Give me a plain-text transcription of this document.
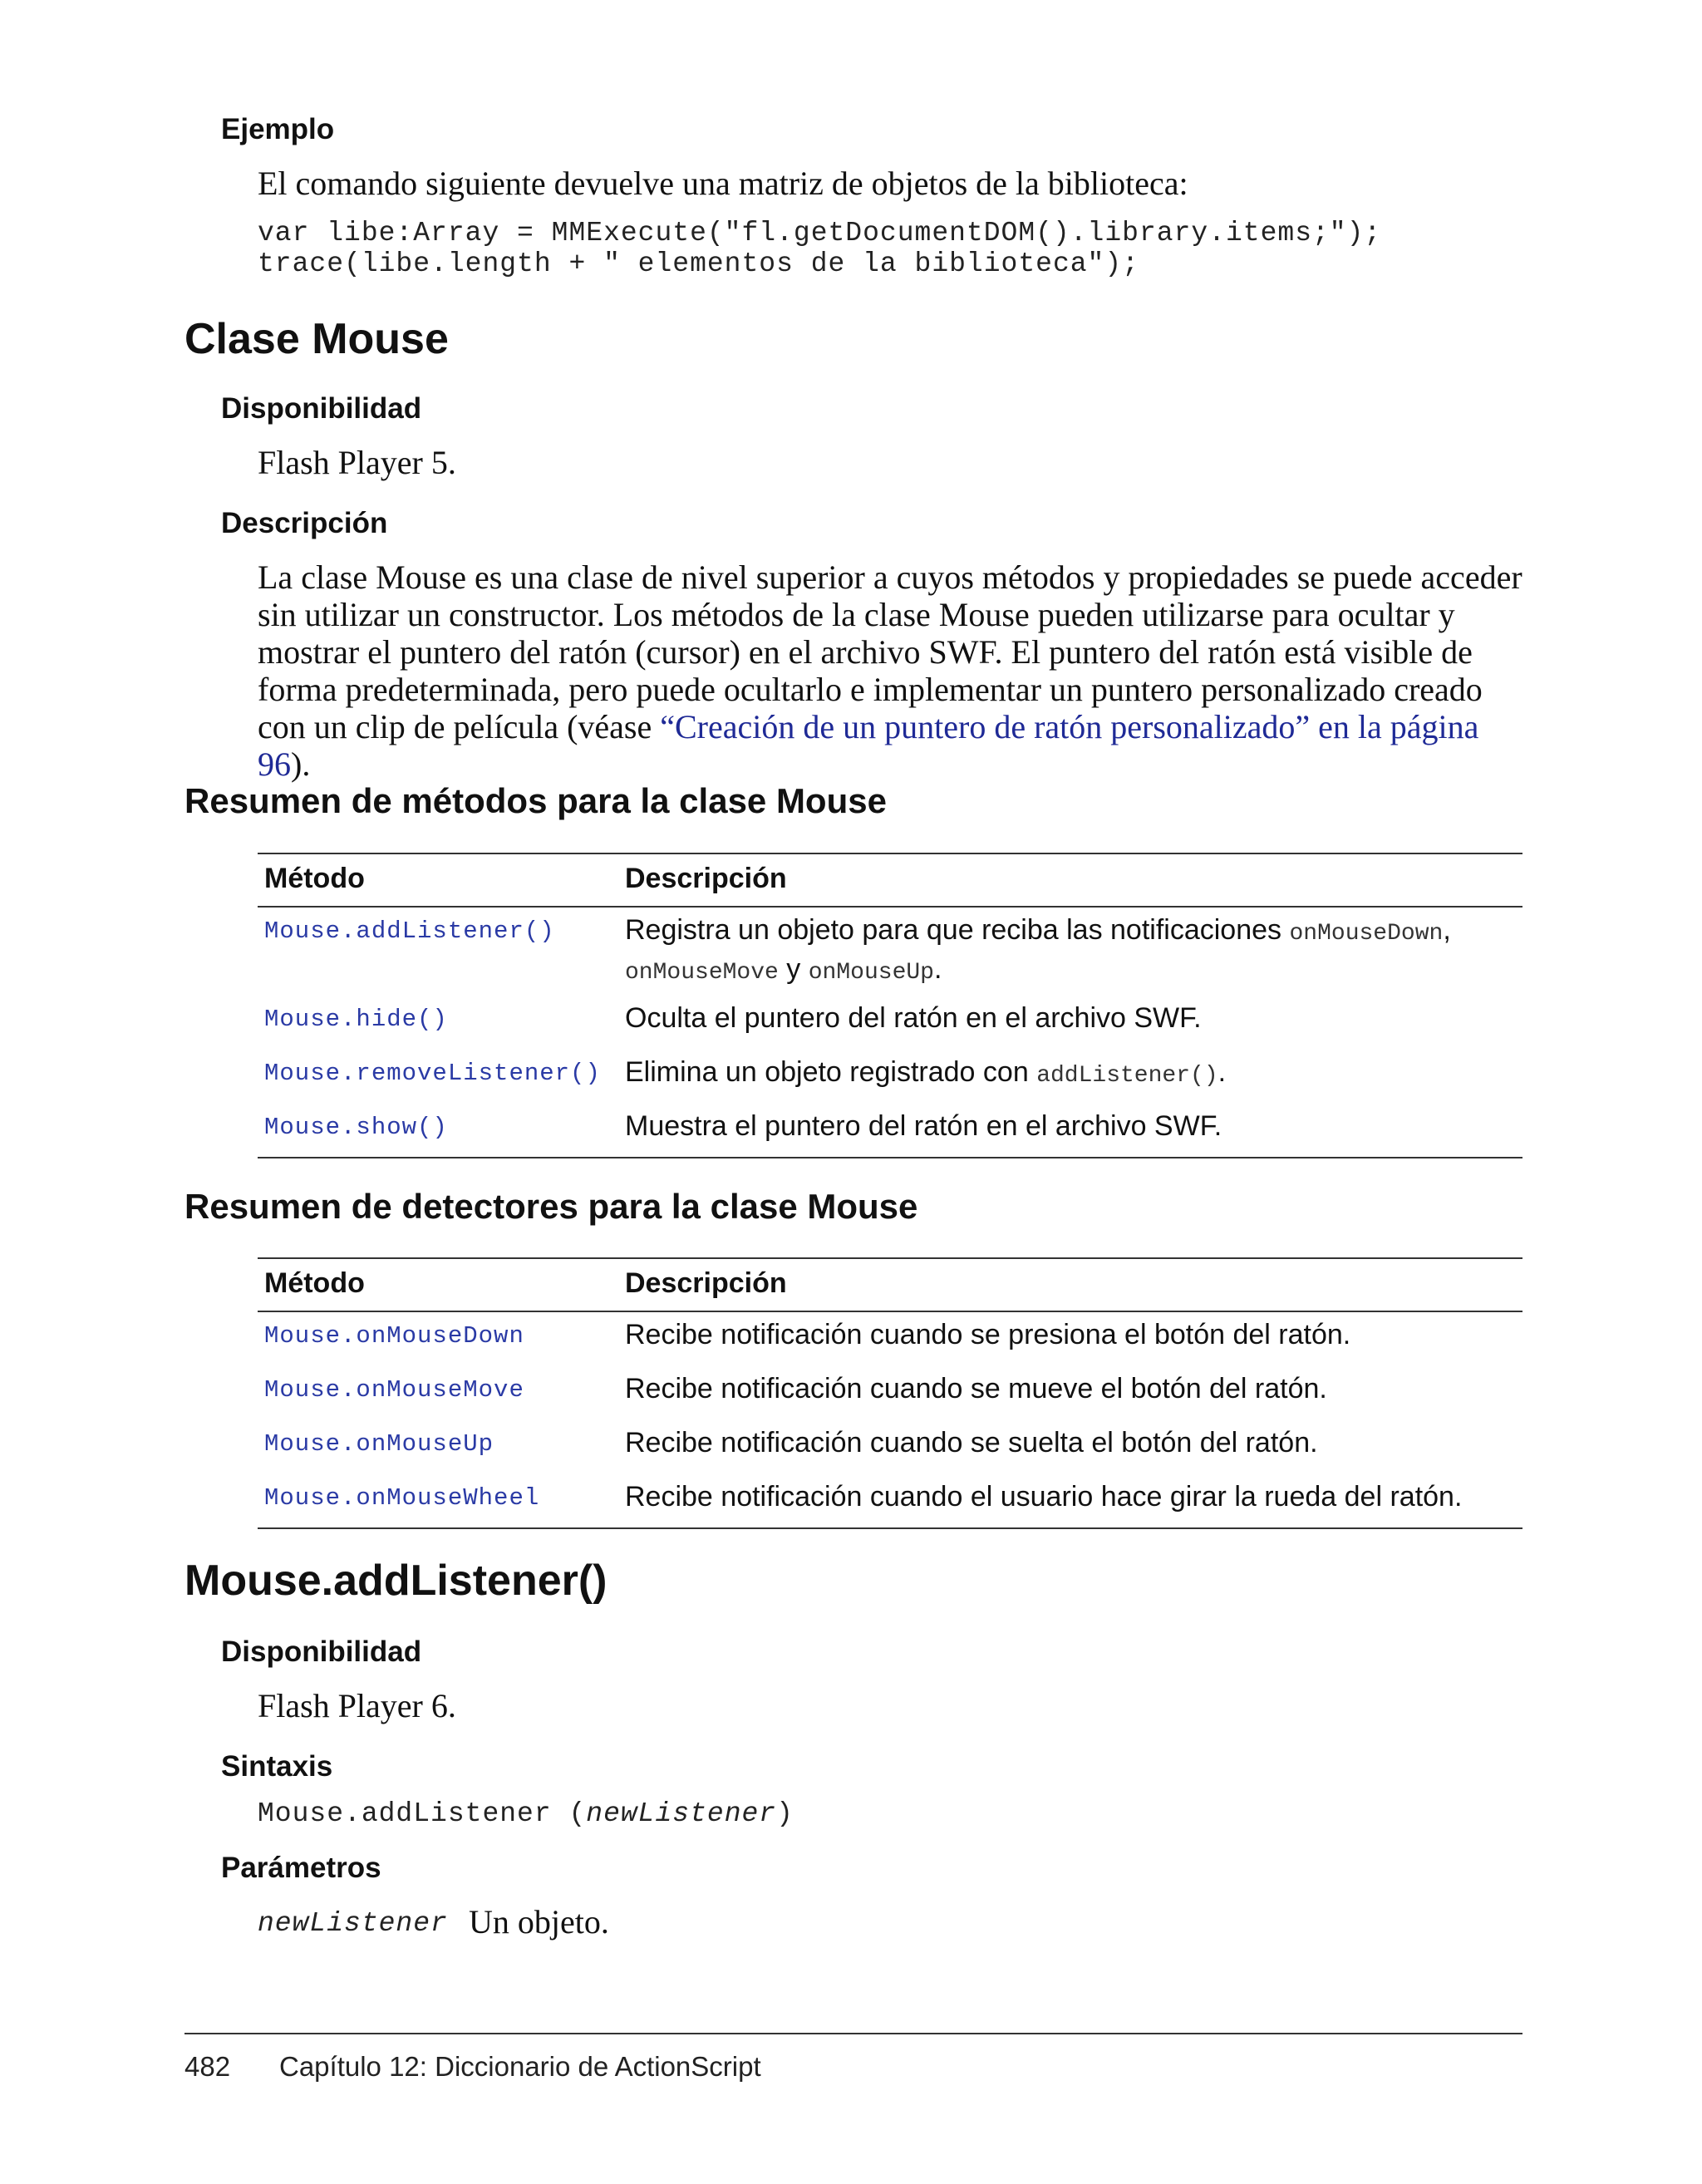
Ejemplo
El comando siguiente devuelve una matriz de objetos de la biblioteca:
var libe:Array = MMExecute("fl.getDocumentDOM().library.items;");
trace(libe.length + " elementos de la biblioteca");
Clase Mouse
Disponibilidad
Flash Player 5.
Descripción
La clase Mouse es una clase de nivel superior a cuyos métodos y propiedades se puede acceder sin utilizar un constructor. Los métodos de la clase Mouse pueden utilizarse para ocultar y mostrar el puntero del ratón (cursor) en el archivo SWF. El puntero del ratón está visible de forma predeterminada, pero puede ocultarlo e implementar un puntero personalizado creado con un clip de película (véase “Creación de un puntero de ratón personalizado” en la página 96).
Resumen de métodos para la clase Mouse
Método	Descripción
Mouse.addListener() Registra un objeto para que reciba las notificaciones onMouseDown,
onMouseMove y onMouseUp.
Mouse.hide()	Oculta el puntero del ratón en el archivo SWF.
Mouse.removeListener() Elimina un objeto registrado con addListener().
Mouse.show()	Muestra el puntero del ratón en el archivo SWF.
Resumen de detectores para la clase Mouse
Método	Descripción
Mouse.onMouseDown	Recibe notificación cuando se presiona el botón del ratón.
Mouse.onMouseMove	Recibe notificación cuando se mueve el botón del ratón.
Mouse.onMouseUp	Recibe notificación cuando se suelta el botón del ratón.
Mouse.onMouseWheel	Recibe notificación cuando el usuario hace girar la rueda del ratón.
Mouse.addListener()
Disponibilidad
Flash Player 6.
Sintaxis
Mouse.addListener (newListener)
Parámetros
newListener Un objeto.
482 Capítulo 12: Diccionario de ActionScript
